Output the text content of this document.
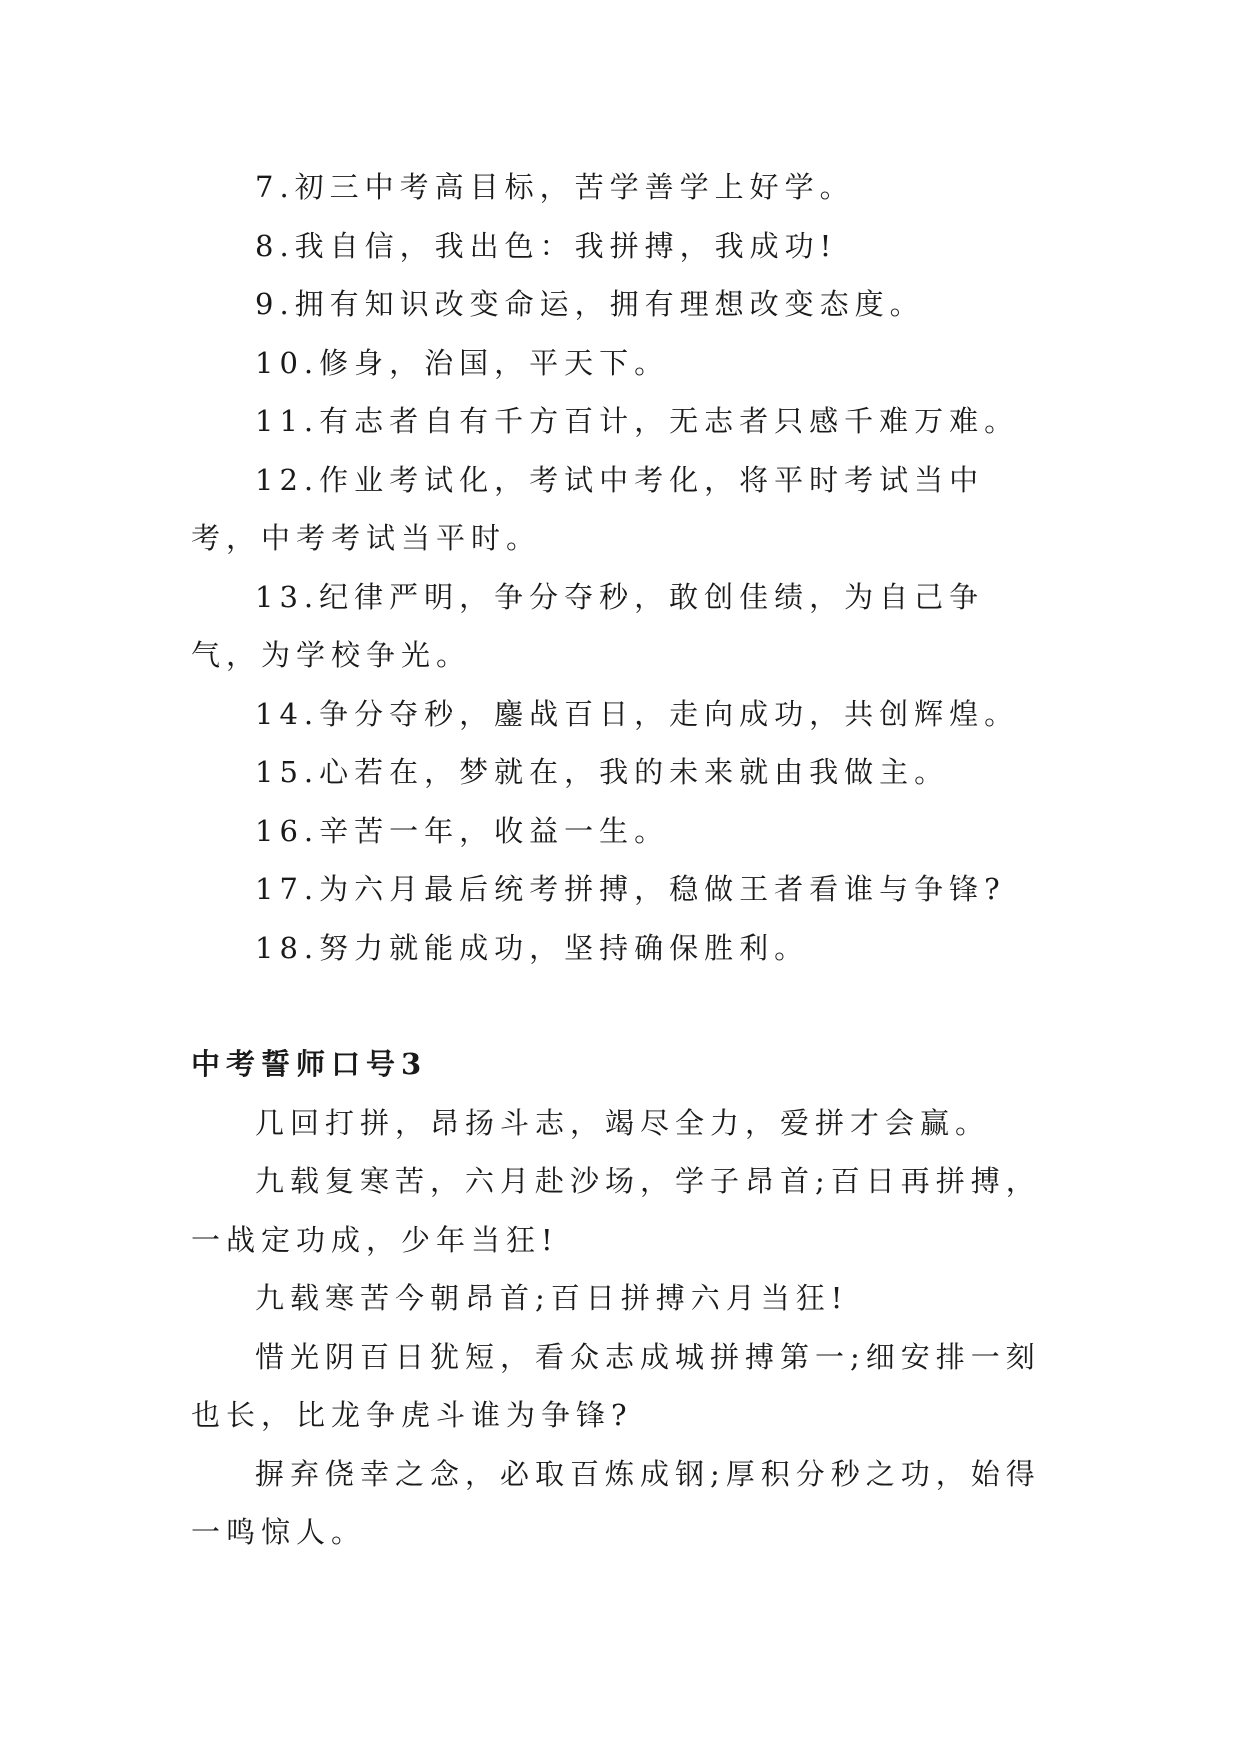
7.初三中考高目标，苦学善学上好学。

8.我自信，我出色：我拼搏，我成功!

9.拥有知识改变命运，拥有理想改变态度。

10.修身，治国，平天下。

11.有志者自有千方百计，无志者只感千难万难。

12.作业考试化，考试中考化，将平时考试当中考，中考考试当平时。

13.纪律严明，争分夺秒，敢创佳绩，为自己争气，为学校争光。

14.争分夺秒，鏖战百日，走向成功，共创辉煌。

15.心若在，梦就在，我的未来就由我做主。

16.辛苦一年，收益一生。

17.为六月最后统考拼搏，稳做王者看谁与争锋?

18.努力就能成功，坚持确保胜利。

中考誓师口号3

几回打拼，昂扬斗志，竭尽全力，爱拼才会赢。

九载复寒苦，六月赴沙场，学子昂首;百日再拼搏，一战定功成，少年当狂!

九载寒苦今朝昂首;百日拼搏六月当狂!

惜光阴百日犹短，看众志成城拼搏第一;细安排一刻也长，比龙争虎斗谁为争锋?

摒弃侥幸之念，必取百炼成钢;厚积分秒之功，始得一鸣惊人。
